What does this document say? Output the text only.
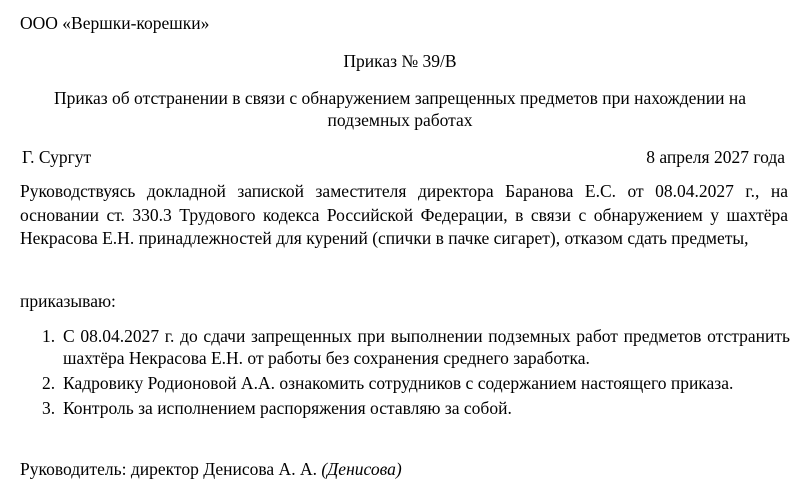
ООО «Вершки-корешки»
Приказ № 39/В
Приказ об отстранении в связи с обнаружением запрещенных предметов при нахождении на подземных работах
Г. Сургут	8 апреля 2027 года
Руководствуясь докладной запиской заместителя директора Баранова Е.С. от 08.04.2027 г., на основании ст. 330.3 Трудового кодекса Российской Федерации, в связи с обнаружением у шахтёра Некрасова Е.Н. принадлежностей для курений (спички в пачке сигарет), отказом сдать предметы,
приказываю:
1. С 08.04.2027 г. до сдачи запрещенных при выполнении подземных работ предметов отстранить шахтёра Некрасова Е.Н. от работы без сохранения среднего заработка.
2. Кадровику Родионовой А.А. ознакомить сотрудников с содержанием настоящего приказа.
3. Контроль за исполнением распоряжения оставляю за собой.
Руководитель: директор Денисова А. А. (Денисова)
